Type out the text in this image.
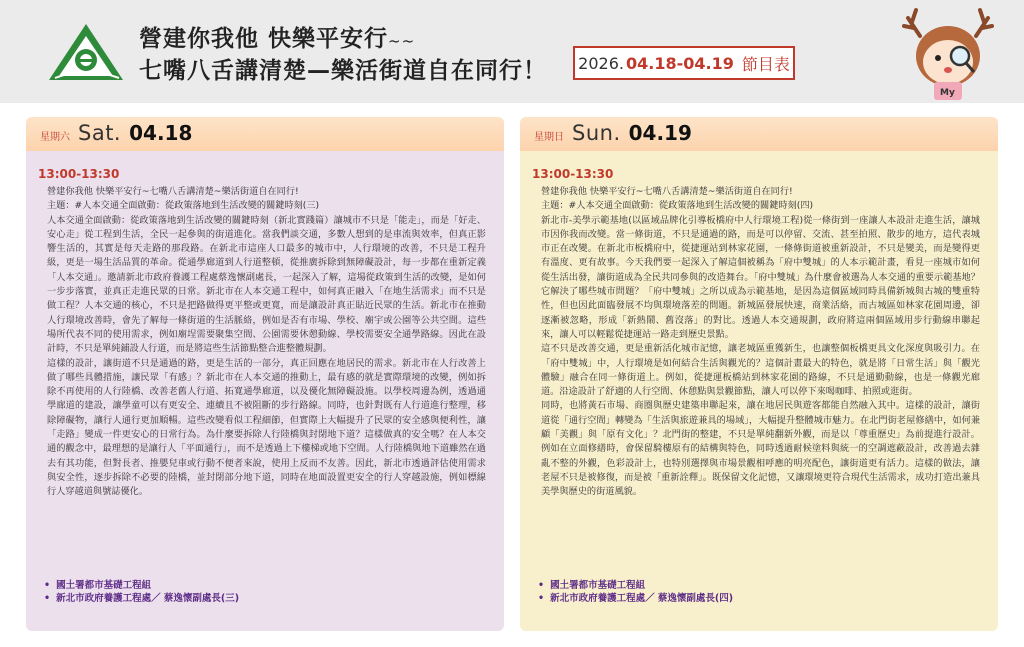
營建你我他 快樂平安行~~
七嘴八舌講清楚—樂活街道自在同行！ 2026. 04.18-04.19 節目表
My
星期六 Sat. 04.18
13:00-13:30

營建你我他 快樂平安行~七嘴八舌講清楚~樂活街道自在同行!

主題：#人本交通全面啟動：從政策落地到生活改變的關鍵時刻(三)

人本交通全面啟動：從政策落地到生活改變的關鍵時刻（新北實踐篇）讓城市不只是「能走」，而是「好走、安心走」從工程到生活，全民一起參與的街道進化。當我們談交通，多數人想到的是車流與效率，但真正影響生活的，其實是每天走路的那段路。在新北市這座人口最多的城市中，人行環境的改善，不只是工程升級，更是一場生活品質的革命。從通學廊道到人行道整頓，從推廣拆除到無障礙設計，每一步都在重新定義「人本交通」。邀請新北市政府養護工程處蔡逸懷副處長，一起深入了解，這場從政策到生活的改變，是如何一步步落實，並真正走進民眾的日常。新北市在人本交通工程中，如何真正融入「在地生活需求」而不只是做工程？人本交通的核心，不只是把路做得更平整或更寬，而是讓設計真正貼近民眾的生活。新北市在推動人行環境改善時，會先了解每一條街道的生活脈絡，例如是否有市場、學校、廟宇或公園等公共空間。這些場所代表不同的使用需求，例如廟埕需要聚集空間、公園需要休憩動線、學校需要安全通學路線。因此在設計時，不只是單純鋪設人行道，而是將這些生活節點整合進整體規劃。

這樣的設計，讓街道不只是通過的路，更是生活的一部分，真正回應在地居民的需求。新北市在人行改善上做了哪些具體措施，讓民眾「有感」？新北市在人本交通的推動上，最有感的就是實際環境的改變，例如拆除不再使用的人行陸橋、改善老舊人行道、拓寬通學廊道，以及優化無障礙設施。以學校周邊為例，透過通學廊道的建設，讓學童可以有更安全、連續且不被阻斷的步行路線。同時，也針對既有人行道進行整理，移除障礙物，讓行人通行更加順暢。這些改變看似工程細節，但實際上大幅提升了民眾的安全感與便利性，讓「走路」變成一件更安心的日常行為。為什麼要拆除人行陸橋與封閉地下道？這樣做真的安全嗎？在人本交通的觀念中，最理想的是讓行人「平面通行」，而不是透過上下樓梯或地下空間。人行陸橋與地下道雖然在過去有其功能，但對長者、推嬰兒車或行動不便者來說，使用上反而不友善。因此，新北市透過評估使用需求與安全性，逐步拆除不必要的陸橋，並封閉部分地下道，同時在地面設置更安全的行人穿越設施，例如標線行人穿越道與號誌優化。

• 國土署都市基礎工程組
• 新北市政府養護工程處／ 蔡逸懷副處長(三)
星期日 Sun. 04.19
13:00-13:30

營建你我他 快樂平安行~七嘴八舌講清楚~樂活街道自在同行!

主題：#人本交通全面啟動：從政策落地到生活改變的關鍵時刻(四)

新北市-美學示範基地(以區域品牌化引導板橋府中人行環境工程)從一條街到一座讓人本設計走進生活，讓城市因你我而改變。當一條街道，不只是通過的路，而是可以停留、交流、甚至拍照、散步的地方，這代表城市正在改變。在新北市板橋府中，從捷運站到林家花園，一條條街道被重新設計，不只是變美，而是變得更有溫度、更有故事。今天我們要一起深入了解這個被稱為「府中雙城」的人本示範計畫，看見一座城市如何從生活出發，讓街道成為全民共同參與的改造舞台。「府中雙城」為什麼會被選為人本交通的重要示範基地？它解決了哪些城市問題？「府中雙城」之所以成為示範基地，是因為這個區域同時具備新城與古城的雙重特性，但也因此面臨發展不均與環境落差的問題。新城區發展快速，商業活絡，而古城區如林家花園周邊，卻逐漸被忽略，形成「新熱鬧、舊沒落」的對比。透過人本交通規劃，政府將這兩個區域用步行動線串聯起來，讓人可以輕鬆從捷運站一路走到歷史景點。

這不只是改善交通，更是重新活化城市記憶，讓老城區重獲新生，也讓整個板橋更具文化深度與吸引力。在「府中雙城」中，人行環境是如何結合生活與觀光的？這個計畫最大的特色，就是將「日常生活」與「觀光體驗」融合在同一條街道上。例如，從捷運板橋站到林家花園的路線，不只是通勤動線，也是一條觀光廊道。沿途設計了舒適的人行空間、休憩點與景觀節點，讓人可以停下來喝咖啡、拍照或逛街。

同時，也將黃石市場、商圈與歷史建築串聯起來，讓在地居民與遊客都能自然融入其中。這樣的設計，讓街道從「通行空間」轉變為「生活與旅遊兼具的場域」，大幅提升整體城市魅力。在北門街老屋修繕中，如何兼顧「美觀」與「原有文化」？北門街的整建，不只是單純翻新外觀，而是以「尊重歷史」為前提進行設計。例如在立面修繕時，會保留騎樓原有的結構與特色，同時透過耐候塗料與統一的空調遮蔽設計，改善過去雜亂不整的外觀，色彩設計上，也特別選擇與市場景觀相呼應的明亮配色，讓街道更有活力。這樣的做法，讓老屋不只是被修復，而是被「重新詮釋」。既保留文化記憶，又讓環境更符合現代生活需求，成功打造出兼具美學與歷史的街道風貌。

• 國土署都市基礎工程組
• 新北市政府養護工程處／ 蔡逸懷副處長(四)
